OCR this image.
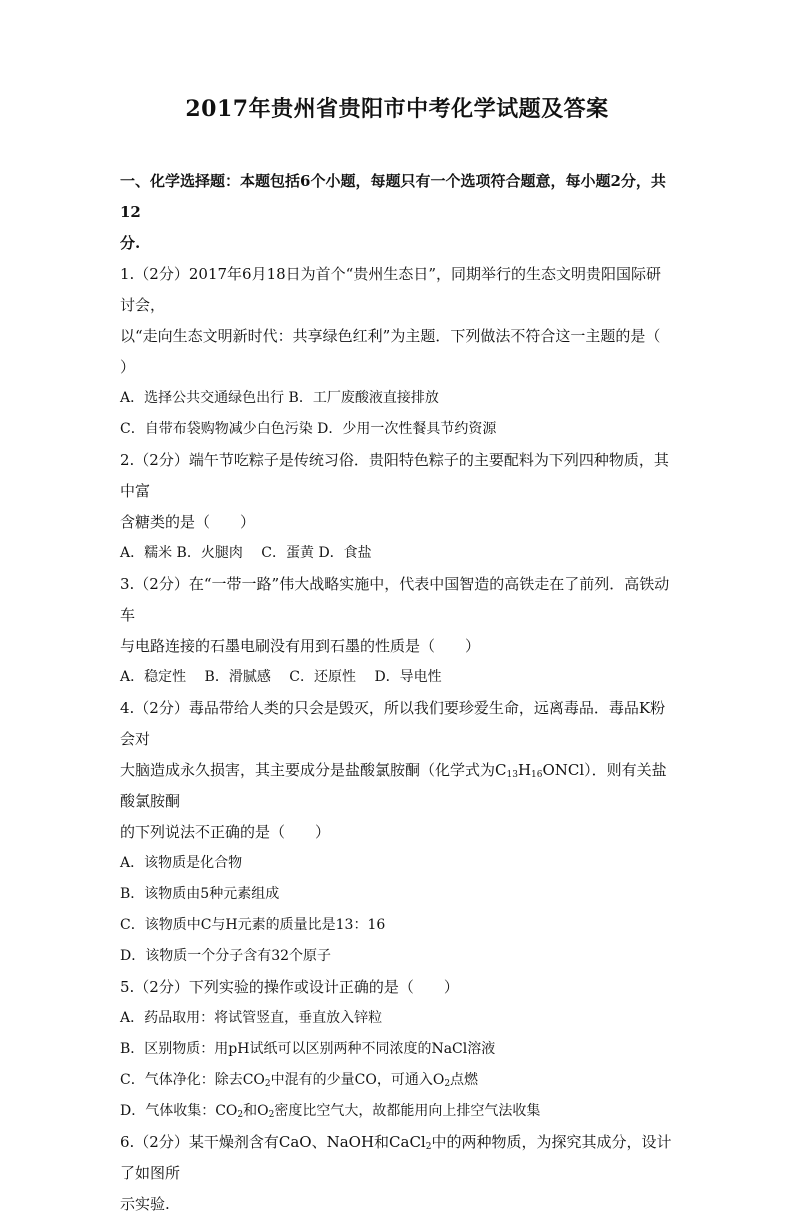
2017年贵州省贵阳市中考化学试题及答案

一、化学选择题：本题包括6个小题，每题只有一个选项符合题意，每小题2分，共12

分.

1.（2分）2017年6月18日为首个“贵州生态日”，同期举行的生态文明贵阳国际研讨会，

以“走向生态文明新时代：共享绿色红利”为主题．下列做法不符合这一主题的是（

）

A．选择公共交通绿色出行 B．工厂废酸液直接排放

C．自带布袋购物减少白色污染 D．少用一次性餐具节约资源

2.（2分）端午节吃粽子是传统习俗．贵阳特色粽子的主要配料为下列四种物质，其中富

含糖类的是（　　）

A．糯米 B．火腿肉　 C．蛋黄 D．食盐

3.（2分）在“一带一路”伟大战略实施中，代表中国智造的高铁走在了前列．高铁动车

与电路连接的石墨电刷没有用到石墨的性质是（　　）

A．稳定性　 B．滑腻感　 C．还原性　 D．导电性

4.（2分）毒品带给人类的只会是毁灭，所以我们要珍爱生命，远离毒品．毒品K粉会对

大脑造成永久损害，其主要成分是盐酸氯胺酮（化学式为$C_{13}H_{16}ONCl$）．则有关盐酸氯胺酮

的下列说法不正确的是（　　）

A．该物质是化合物

B．该物质由5种元素组成

C．该物质中C与H元素的质量比是13：16

D．该物质一个分子含有32个原子

5.（2分）下列实验的操作或设计正确的是（　　）

A．药品取用：将试管竖直，垂直放入锌粒

B．区别物质：用pH试纸可以区别两种不同浓度的NaCl溶液

C．气体净化：除去$CO_2$中混有的少量CO，可通入$O_2$点燃

D．气体收集：$CO_2$和$O_2$密度比空气大，故都能用向上排空气法收集

6.（2分）某干燥剂含有CaO、NaOH和CaCl$_2$中的两种物质，为探究其成分，设计了如图所

示实验.
